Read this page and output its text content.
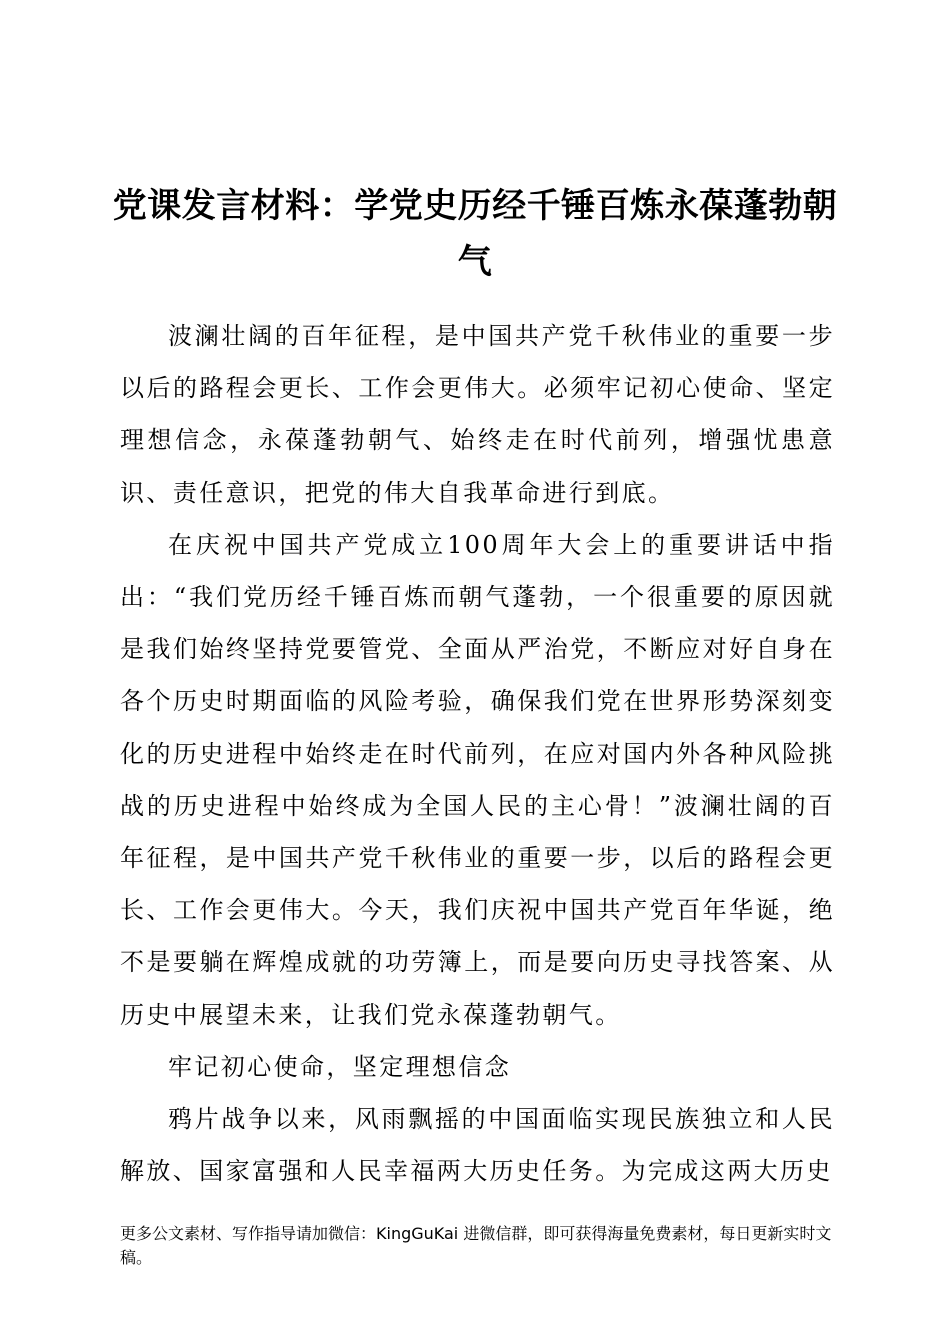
党课发言材料：学党史历经千锤百炼永葆蓬勃朝气

波澜壮阔的百年征程，是中国共产党千秋伟业的重要一步以后的路程会更长、工作会更伟大。必须牢记初心使命、坚定理想信念，永葆蓬勃朝气、始终走在时代前列，增强忧患意识、责任意识，把党的伟大自我革命进行到底。

在庆祝中国共产党成立100周年大会上的重要讲话中指出：“我们党历经千锤百炼而朝气蓬勃，一个很重要的原因就是我们始终坚持党要管党、全面从严治党，不断应对好自身在各个历史时期面临的风险考验，确保我们党在世界形势深刻变化的历史进程中始终走在时代前列，在应对国内外各种风险挑战的历史进程中始终成为全国人民的主心骨！”波澜壮阔的百年征程，是中国共产党千秋伟业的重要一步，以后的路程会更长、工作会更伟大。今天，我们庆祝中国共产党百年华诞，绝不是要躺在辉煌成就的功劳簿上，而是要向历史寻找答案、从历史中展望未来，让我们党永葆蓬勃朝气。

牢记初心使命，坚定理想信念

鸦片战争以来，风雨飘摇的中国面临实现民族独立和人民解放、国家富强和人民幸福两大历史任务。为完成这两大历史

更多公文素材、写作指导请加微信：KingGuKai 进微信群，即可获得海量免费素材，每日更新实时文稿。
